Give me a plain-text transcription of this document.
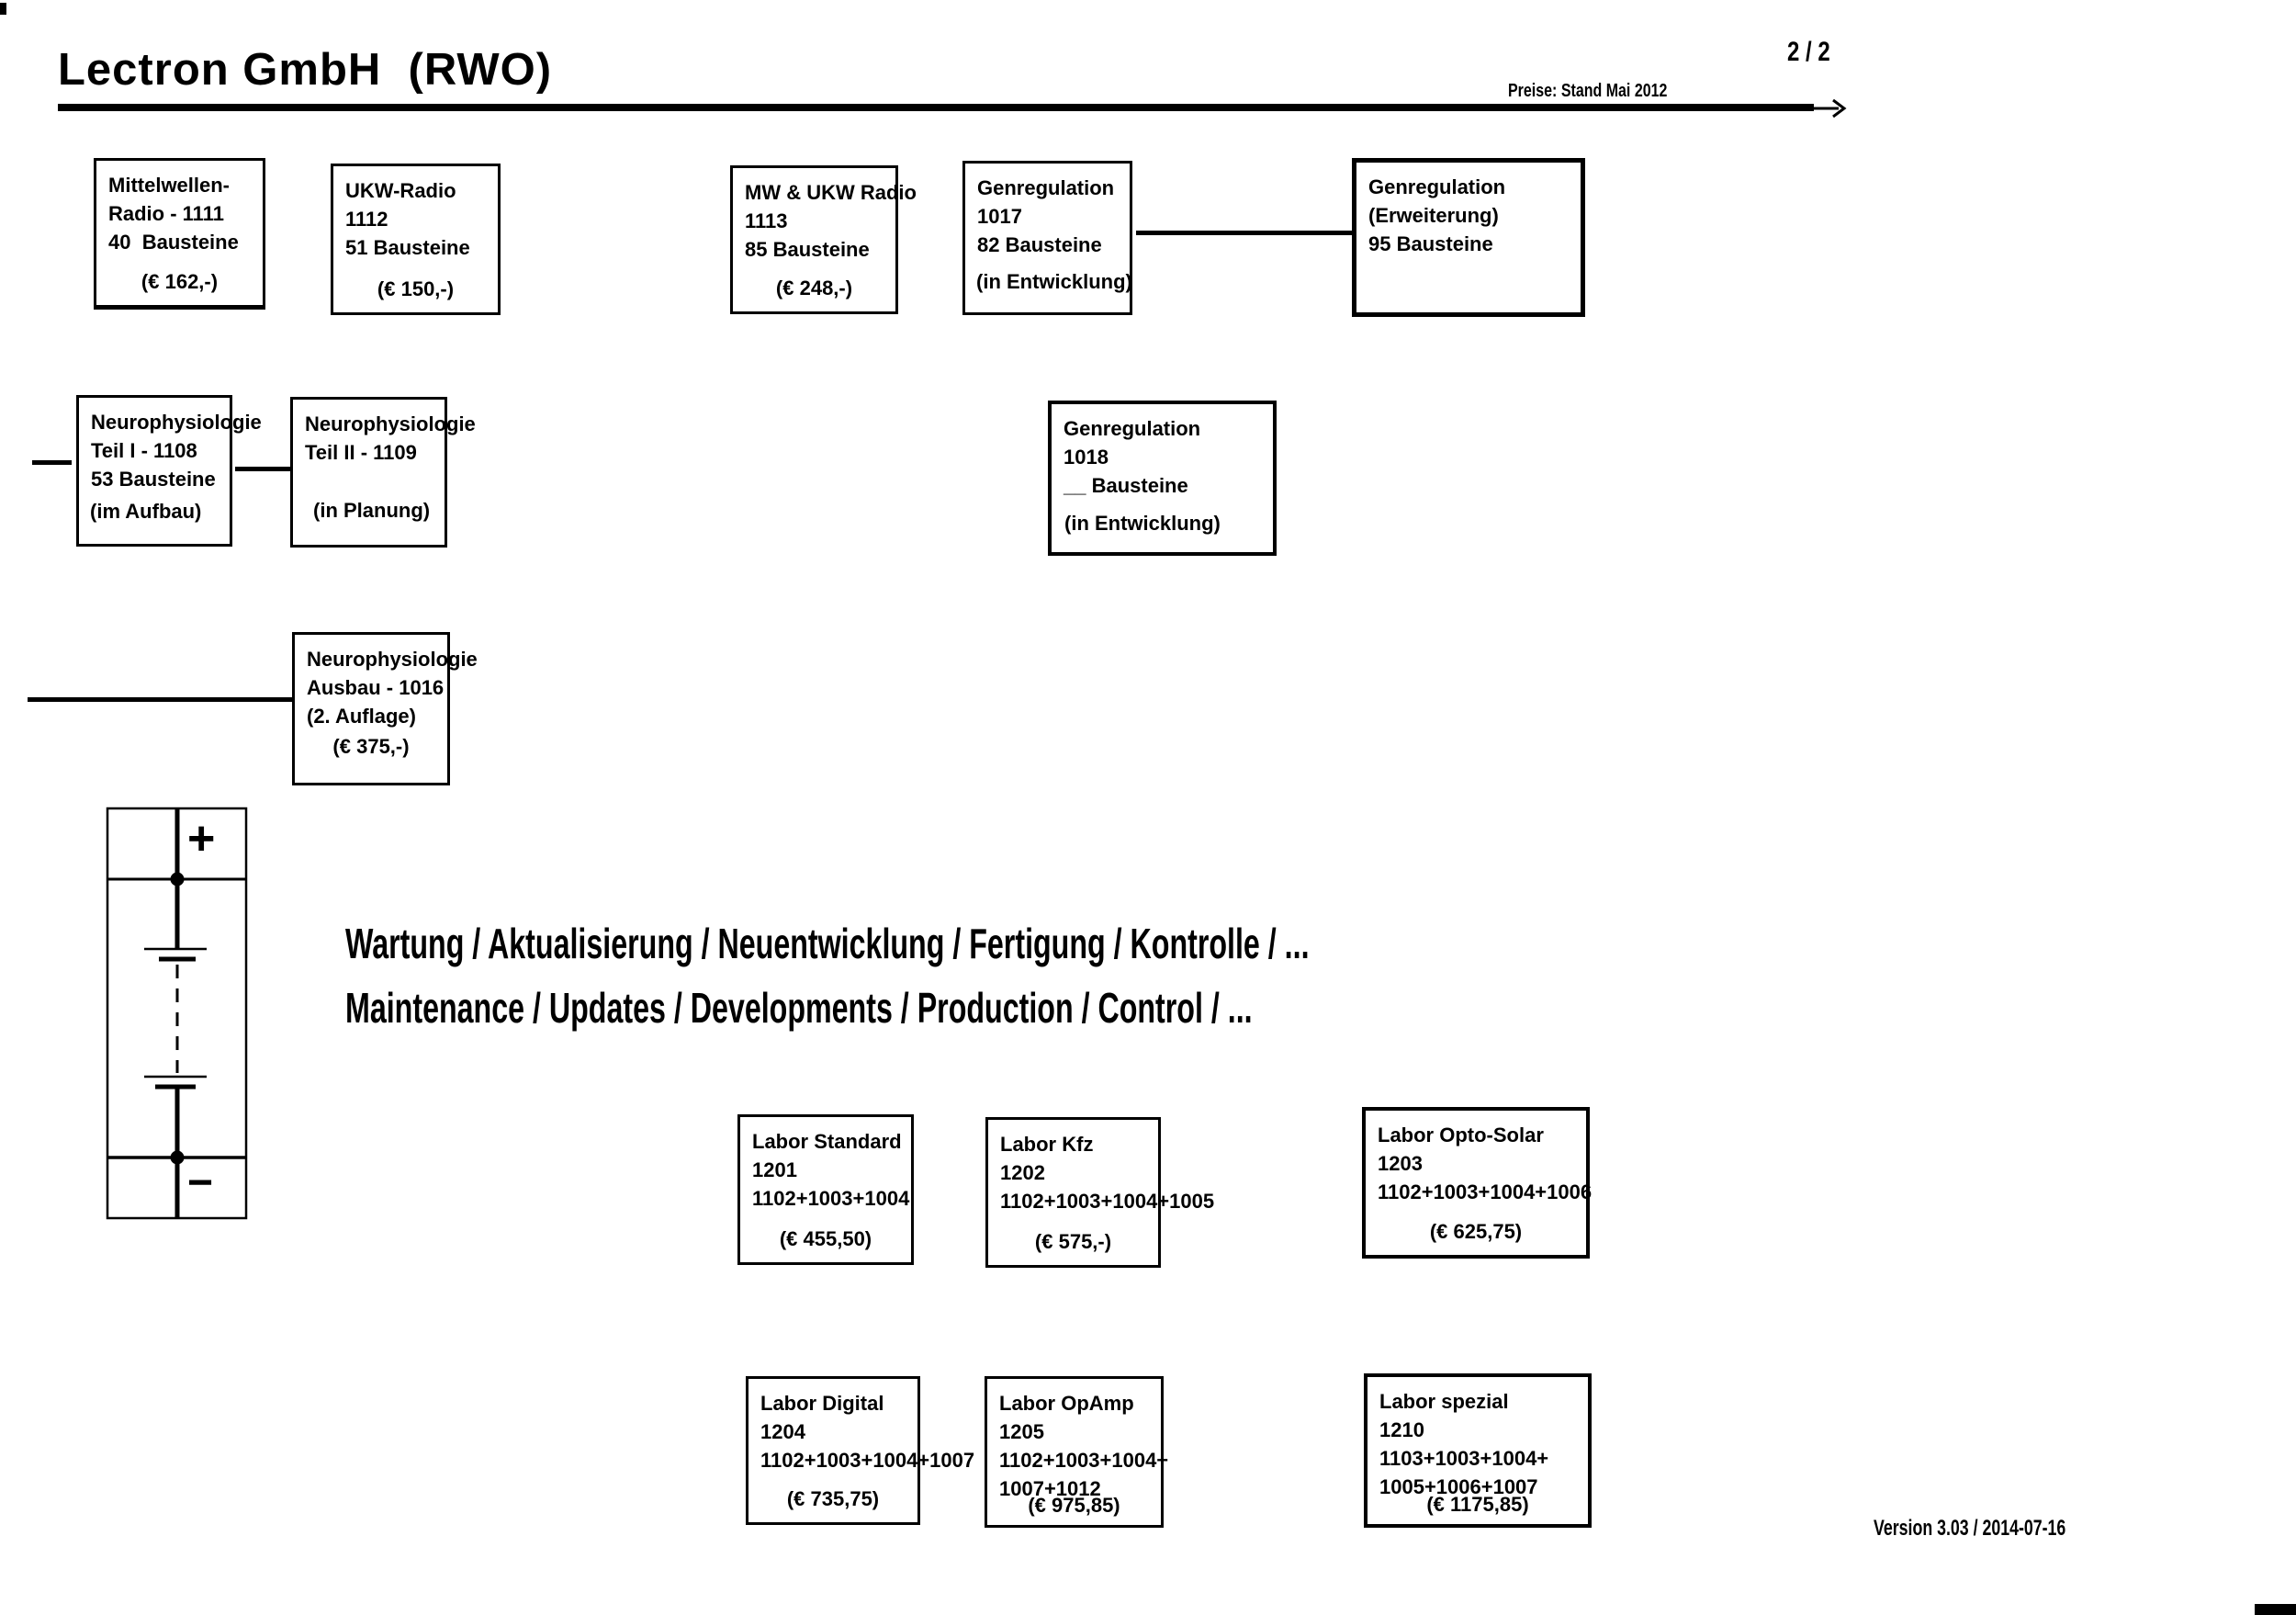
Lectron GmbH  (RWO)	2 / 2
Preise: Stand Mai 2012
Mittelwellen-
Radio - 1111
40  Bausteine
(€ 162,-)
UKW-Radio
1112
51 Bausteine
(€ 150,-)
MW & UKW Radio
1113
85 Bausteine
(€ 248,-)
Genregulation
1017
82 Bausteine
(in Entwicklung)
Genregulation
(Erweiterung)
95 Bausteine
Neurophysiologie
Teil I - 1108
53 Bausteine
(im Aufbau)
Neurophysiologie
Teil II - 1109
(in Planung)
Genregulation
1018
__ Bausteine
(in Entwicklung)
Neurophysiologie
Ausbau - 1016
(2. Auflage)
(€ 375,-)
+
−
Wartung / Aktualisierung / Neuentwicklung / Fertigung / Kontrolle / ...
Maintenance / Updates / Developments / Production / Control / ...
Labor Standard
1201
1102+1003+1004
(€ 455,50)
Labor Kfz
1202
1102+1003+1004+1005
(€ 575,-)
Labor Opto-Solar
1203
1102+1003+1004+1006
(€ 625,75)
Labor Digital
1204
1102+1003+1004+1007
(€ 735,75)
Labor OpAmp
1205
1102+1003+1004+
1007+1012
(€ 975,85)
Labor spezial
1210
1103+1003+1004+
1005+1006+1007
(€ 1175,85)
Version 3.03 / 2014-07-16
